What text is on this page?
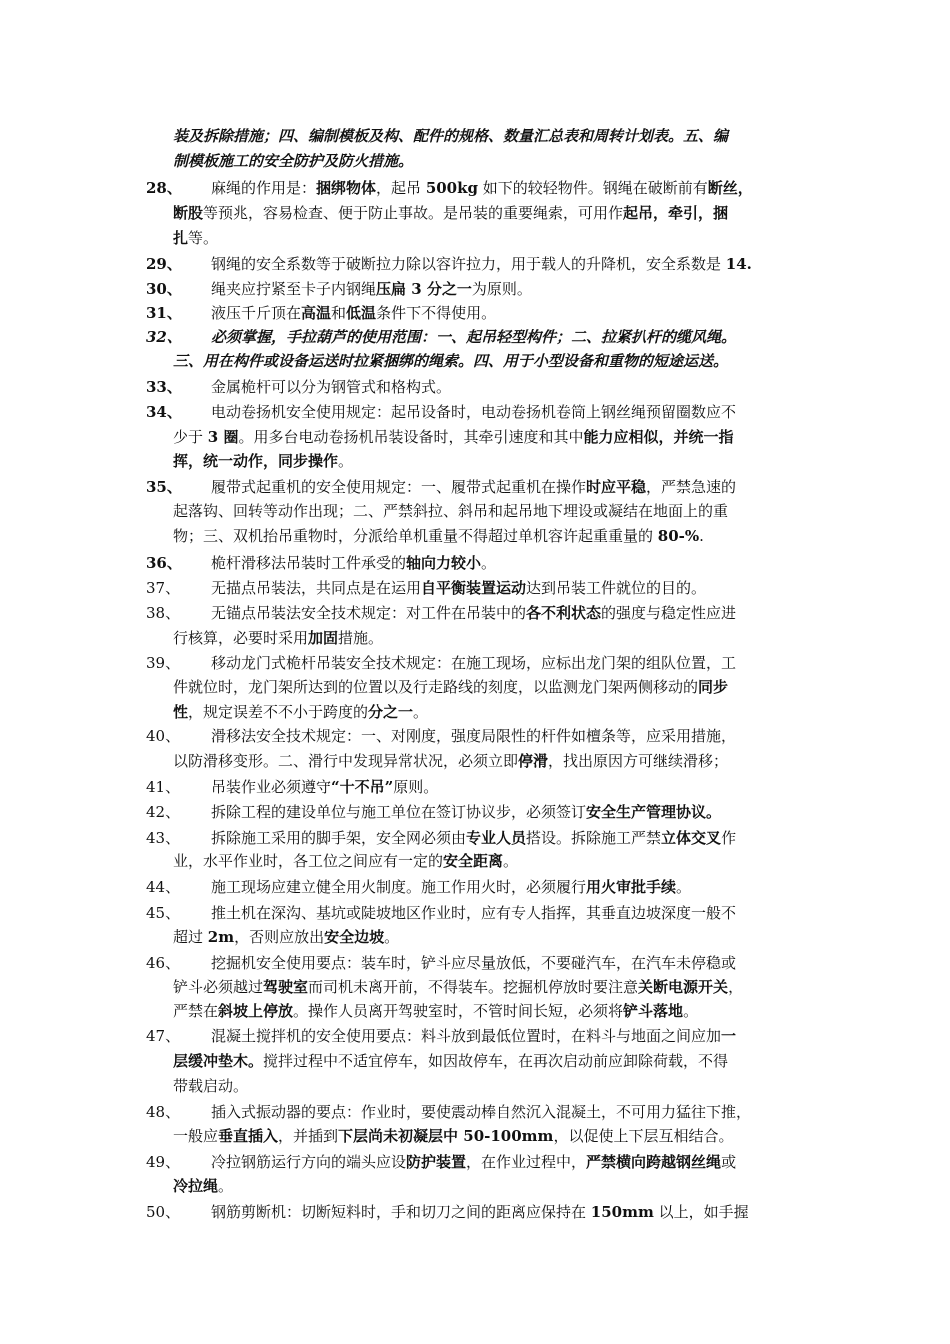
装及拆除措施；四、编制模板及构、配件的规格、数量汇总表和周转计划表。五、编
制模板施工的安全防护及防火措施。
28、 麻绳的作用是：捆绑物体，起吊 500kg 如下的较轻物件。钢绳在破断前有断丝，
断股等预兆，容易检查、便于防止事故。是吊装的重要绳索，可用作起吊，牵引，捆
扎等。
29、 钢绳的安全系数等于破断拉力除以容许拉力，用于载人的升降机，安全系数是 14.
30、 绳夹应拧紧至卡子内钢绳压扁 3 分之一为原则。
31、 液压千斤顶在高温和低温条件下不得使用。
32、 必须掌握，手拉葫芦的使用范围：一、起吊轻型构件；二、拉紧扒杆的缆风绳。
三、用在构件或设备运送时拉紧捆绑的绳索。四、用于小型设备和重物的短途运送。
33、 金属桅杆可以分为钢管式和格构式。
34、 电动卷扬机安全使用规定：起吊设备时，电动卷扬机卷筒上钢丝绳预留圈数应不
少于 3 圈。用多台电动卷扬机吊装设备时，其牵引速度和其中能力应相似，并统一指
挥，统一动作，同步操作。
35、 履带式起重机的安全使用规定：一、履带式起重机在操作时应平稳，严禁急速的
起落钩、回转等动作出现；二、严禁斜拉、斜吊和起吊地下埋设或凝结在地面上的重
物；三、双机抬吊重物时，分派给单机重量不得超过单机容许起重重量的 80-%.
36、 桅杆滑移法吊装时工件承受的轴向力较小。
37、 无描点吊装法，共同点是在运用自平衡装置运动达到吊装工件就位的目的。
38、 无锚点吊装法安全技术规定：对工件在吊装中的各不利状态的强度与稳定性应进
行核算，必要时采用加固措施。
39、 移动龙门式桅杆吊装安全技术规定：在施工现场，应标出龙门架的组队位置，工
件就位时，龙门架所达到的位置以及行走路线的刻度，以监测龙门架两侧移动的同步
性，规定误差不不小于跨度的分之一。
40、 滑移法安全技术规定：一、对刚度，强度局限性的杆件如檀条等，应采用措施，
以防滑移变形。二、滑行中发现异常状况，必须立即停滑，找出原因方可继续滑移；
41、 吊装作业必须遵守“十不吊”原则。
42、 拆除工程的建设单位与施工单位在签订协议步，必须签订安全生产管理协议。
43、 拆除施工采用的脚手架，安全网必须由专业人员搭设。拆除施工严禁立体交叉作
业，水平作业时，各工位之间应有一定的安全距离。
44、 施工现场应建立健全用火制度。施工作用火时，必须履行用火审批手续。
45、 推土机在深沟、基坑或陡坡地区作业时，应有专人指挥，其垂直边坡深度一般不
超过 2m，否则应放出安全边坡。
46、 挖掘机安全使用要点：装车时，铲斗应尽量放低，不要碰汽车，在汽车未停稳或
铲斗必须越过驾驶室而司机未离开前，不得装车。挖掘机停放时要注意关断电源开关，
严禁在斜坡上停放。操作人员离开驾驶室时，不管时间长短，必须将铲斗落地。
47、 混凝土搅拌机的安全使用要点：料斗放到最低位置时，在料斗与地面之间应加一
层缓冲垫木。搅拌过程中不适宜停车，如因故停车，在再次启动前应卸除荷载，不得
带载启动。
48、 插入式振动器的要点：作业时，要使震动棒自然沉入混凝土，不可用力猛往下推，
一般应垂直插入，并插到下层尚未初凝层中 50-100mm，以促使上下层互相结合。
49、 冷拉钢筋运行方向的端头应设防护装置，在作业过程中，严禁横向跨越钢丝绳或
冷拉绳。
50、 钢筋剪断机：切断短料时，手和切刀之间的距离应保持在 150mm 以上，如手握
